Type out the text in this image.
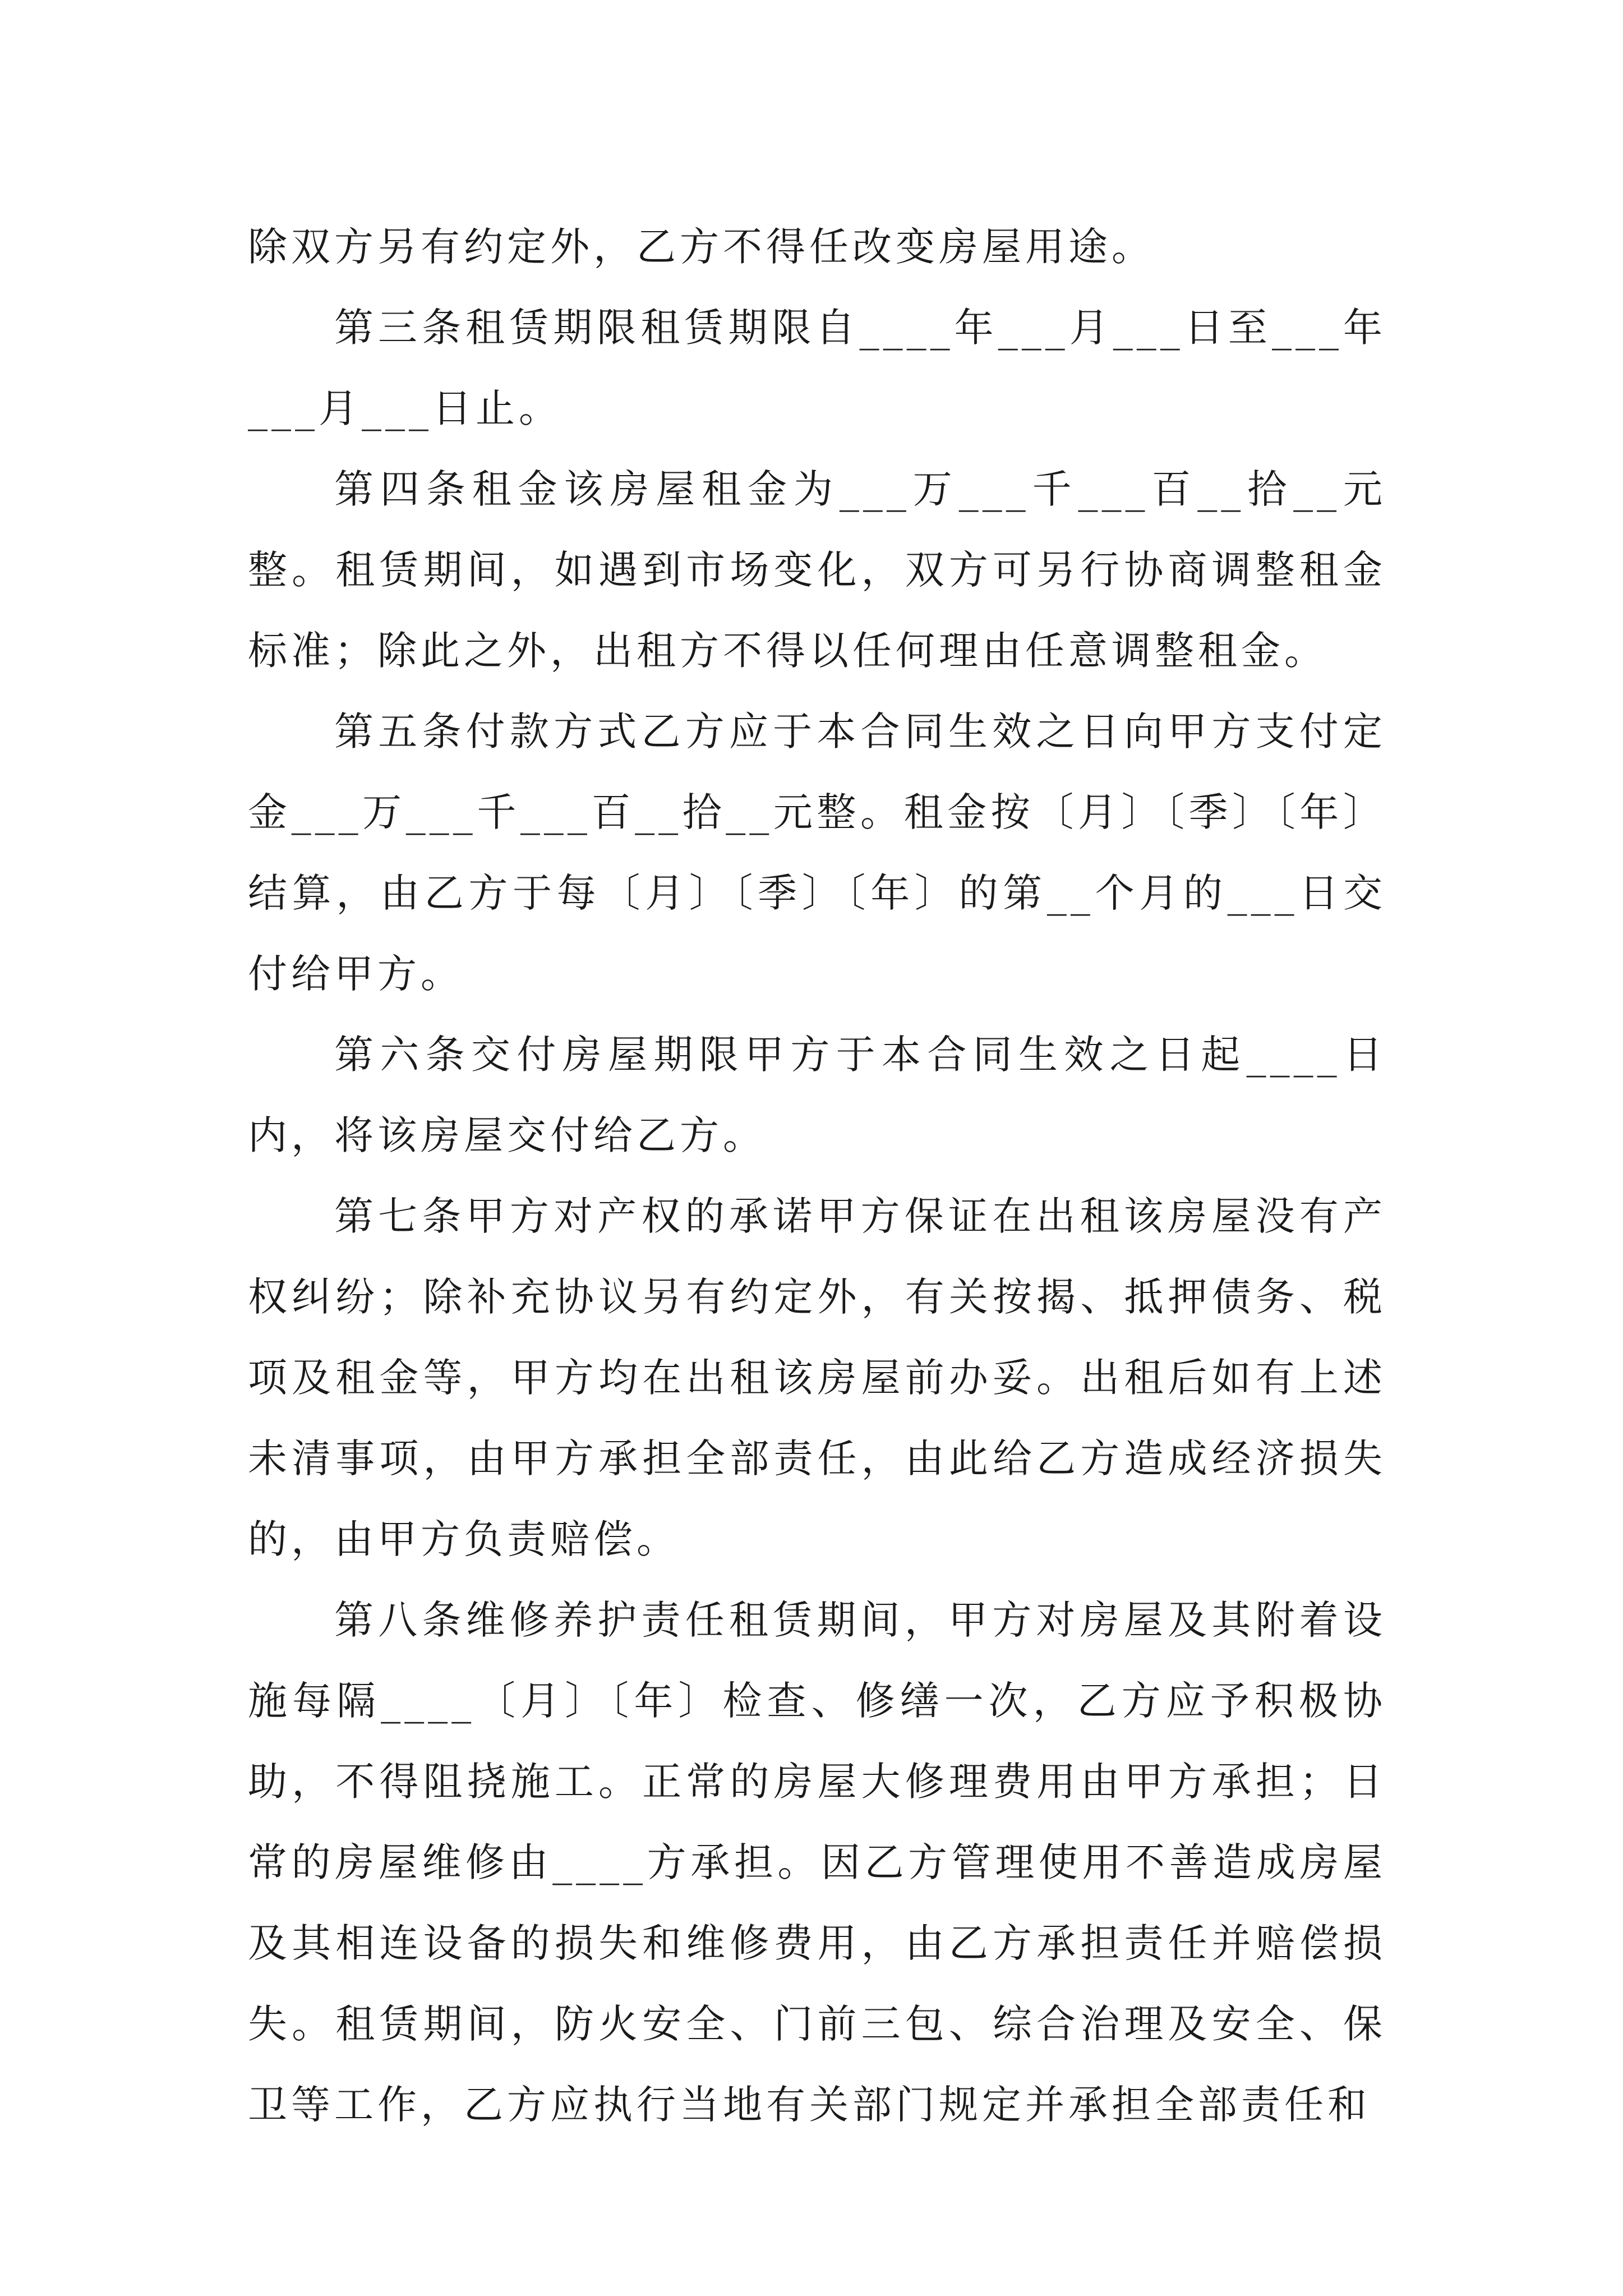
除双方另有约定外，乙方不得任改变房屋用途。

第三条租赁期限租赁期限自____年___月___日至___年___月___日止。

第四条租金该房屋租金为___万___千___百__拾__元整。租赁期间，如遇到市场变化，双方可另行协商调整租金标准；除此之外，出租方不得以任何理由任意调整租金。

第五条付款方式乙方应于本合同生效之日向甲方支付定金___万___千___百__拾__元整。租金按〔月〕〔季〕〔年〕结算，由乙方于每〔月〕〔季〕〔年〕的第__个月的___日交付给甲方。

第六条交付房屋期限甲方于本合同生效之日起____日内，将该房屋交付给乙方。

第七条甲方对产权的承诺甲方保证在出租该房屋没有产权纠纷；除补充协议另有约定外，有关按揭、抵押债务、税项及租金等，甲方均在出租该房屋前办妥。出租后如有上述未清事项，由甲方承担全部责任，由此给乙方造成经济损失的，由甲方负责赔偿。

第八条维修养护责任租赁期间，甲方对房屋及其附着设施每隔____〔月〕〔年〕检查、修缮一次，乙方应予积极协助，不得阻挠施工。正常的房屋大修理费用由甲方承担；日常的房屋维修由____方承担。因乙方管理使用不善造成房屋及其相连设备的损失和维修费用，由乙方承担责任并赔偿损失。租赁期间，防火安全、门前三包、综合治理及安全、保卫等工作，乙方应执行当地有关部门规定并承担全部责任和
